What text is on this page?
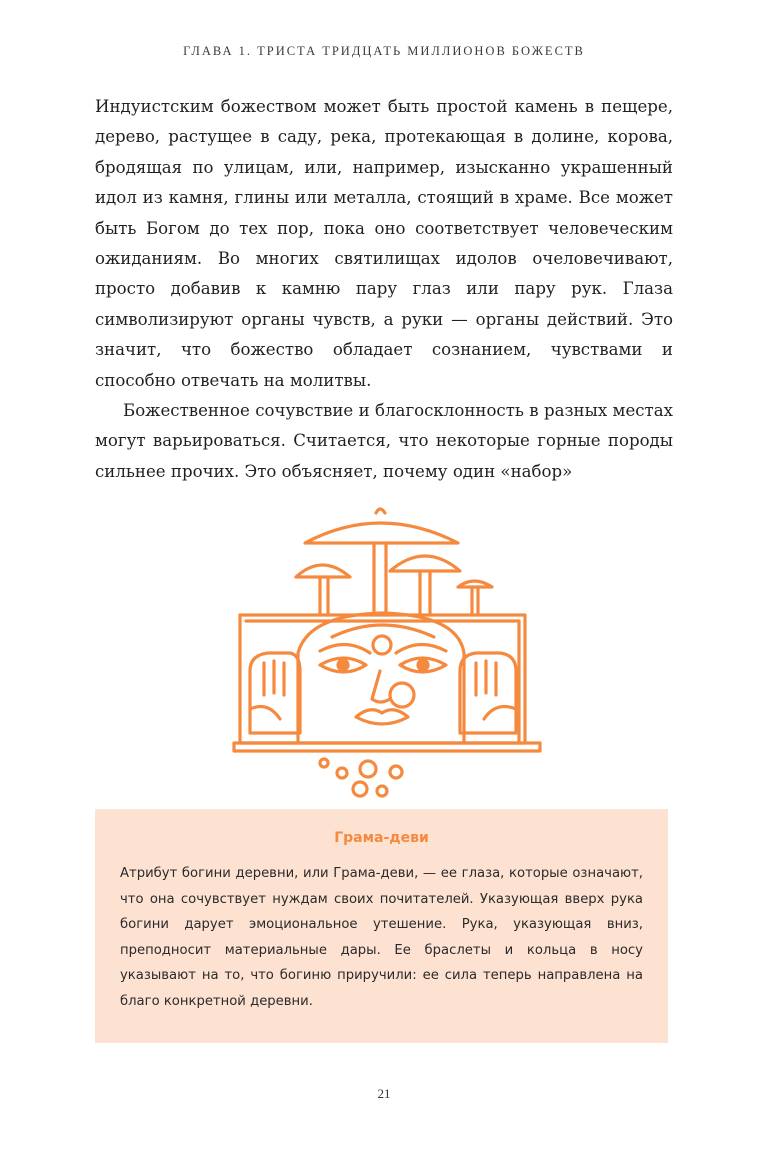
ГЛАВА 1. ТРИСТА ТРИДЦАТЬ МИЛЛИОНОВ БОЖЕСТВ

Индуистским божеством может быть простой камень в пещере, дерево, растущее в саду, река, протекающая в долине, корова, бродящая по улицам, или, например, изысканно украшенный идол из камня, глины или металла, стоящий в храме. Все может быть Богом до тех пор, пока оно соответствует человеческим ожиданиям. Во многих святилищах идолов очеловечивают, просто добавив к камню пару глаз или пару рук. Глаза символизируют органы чувств, а руки — органы действий. Это значит, что божество обладает сознанием, чувствами и способно отвечать на молитвы.

Божественное сочувствие и благосклонность в разных местах могут варьироваться. Считается, что некоторые горные породы сильнее прочих. Это объясняет, почему один «набор»

Грама-деви

Атрибут богини деревни, или Грама-деви, — ее глаза, которые означают, что она сочувствует нуждам своих почитателей. Указующая вверх рука богини дарует эмоциональное утешение. Рука, указующая вниз, преподносит материальные дары. Ее браслеты и кольца в носу указывают на то, что богиню приручили: ее сила теперь направлена на благо конкретной деревни.

21
